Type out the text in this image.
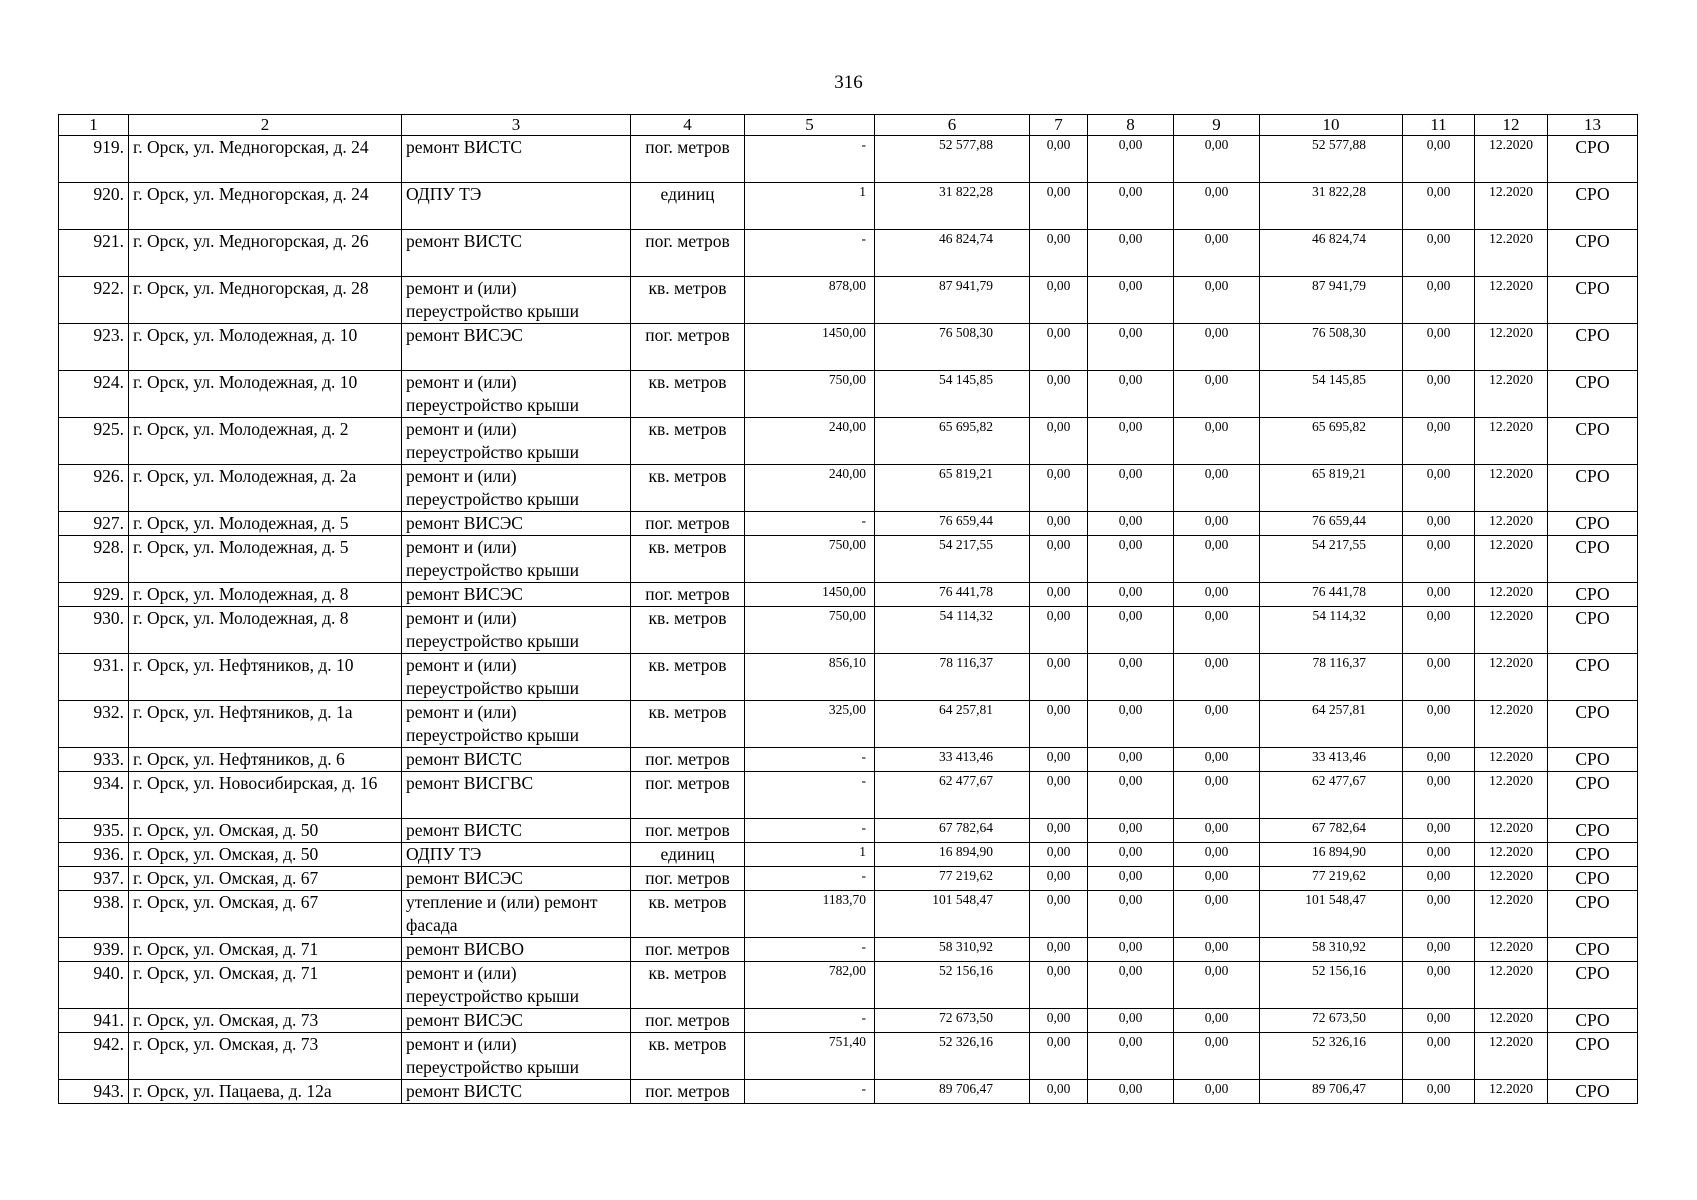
316
1	2	3	4	5	6	7	8	9	10	11	12	13
919.	г. Орск, ул. Медногорская, д. 24	ремонт ВИСТС	пог. метров	-	52 577,88	0,00	0,00	0,00	52 577,88	0,00	12.2020	СРО
920.	г. Орск, ул. Медногорская, д. 24	ОДПУ ТЭ	единиц	1	31 822,28	0,00	0,00	0,00	31 822,28	0,00	12.2020	СРО
921.	г. Орск, ул. Медногорская, д. 26	ремонт ВИСТС	пог. метров	-	46 824,74	0,00	0,00	0,00	46 824,74	0,00	12.2020	СРО
922.	г. Орск, ул. Медногорская, д. 28	ремонт и (или) переустройство крыши	кв. метров	878,00	87 941,79	0,00	0,00	0,00	87 941,79	0,00	12.2020	СРО
923.	г. Орск, ул. Молодежная, д. 10	ремонт ВИСЭС	пог. метров	1450,00	76 508,30	0,00	0,00	0,00	76 508,30	0,00	12.2020	СРО
924.	г. Орск, ул. Молодежная, д. 10	ремонт и (или) переустройство крыши	кв. метров	750,00	54 145,85	0,00	0,00	0,00	54 145,85	0,00	12.2020	СРО
925.	г. Орск, ул. Молодежная, д. 2	ремонт и (или) переустройство крыши	кв. метров	240,00	65 695,82	0,00	0,00	0,00	65 695,82	0,00	12.2020	СРО
926.	г. Орск, ул. Молодежная, д. 2а	ремонт и (или) переустройство крыши	кв. метров	240,00	65 819,21	0,00	0,00	0,00	65 819,21	0,00	12.2020	СРО
927.	г. Орск, ул. Молодежная, д. 5	ремонт ВИСЭС	пог. метров	-	76 659,44	0,00	0,00	0,00	76 659,44	0,00	12.2020	СРО
928.	г. Орск, ул. Молодежная, д. 5	ремонт и (или) переустройство крыши	кв. метров	750,00	54 217,55	0,00	0,00	0,00	54 217,55	0,00	12.2020	СРО
929.	г. Орск, ул. Молодежная, д. 8	ремонт ВИСЭС	пог. метров	1450,00	76 441,78	0,00	0,00	0,00	76 441,78	0,00	12.2020	СРО
930.	г. Орск, ул. Молодежная, д. 8	ремонт и (или) переустройство крыши	кв. метров	750,00	54 114,32	0,00	0,00	0,00	54 114,32	0,00	12.2020	СРО
931.	г. Орск, ул. Нефтяников, д. 10	ремонт и (или) переустройство крыши	кв. метров	856,10	78 116,37	0,00	0,00	0,00	78 116,37	0,00	12.2020	СРО
932.	г. Орск, ул. Нефтяников, д. 1а	ремонт и (или) переустройство крыши	кв. метров	325,00	64 257,81	0,00	0,00	0,00	64 257,81	0,00	12.2020	СРО
933.	г. Орск, ул. Нефтяников, д. 6	ремонт ВИСТС	пог. метров	-	33 413,46	0,00	0,00	0,00	33 413,46	0,00	12.2020	СРО
934.	г. Орск, ул. Новосибирская, д. 16	ремонт ВИСГВС	пог. метров	-	62 477,67	0,00	0,00	0,00	62 477,67	0,00	12.2020	СРО
935.	г. Орск, ул. Омская, д. 50	ремонт ВИСТС	пог. метров	-	67 782,64	0,00	0,00	0,00	67 782,64	0,00	12.2020	СРО
936.	г. Орск, ул. Омская, д. 50	ОДПУ ТЭ	единиц	1	16 894,90	0,00	0,00	0,00	16 894,90	0,00	12.2020	СРО
937.	г. Орск, ул. Омская, д. 67	ремонт ВИСЭС	пог. метров	-	77 219,62	0,00	0,00	0,00	77 219,62	0,00	12.2020	СРО
938.	г. Орск, ул. Омская, д. 67	утепление и (или) ремонт фасада	кв. метров	1183,70	101 548,47	0,00	0,00	0,00	101 548,47	0,00	12.2020	СРО
939.	г. Орск, ул. Омская, д. 71	ремонт ВИСВО	пог. метров	-	58 310,92	0,00	0,00	0,00	58 310,92	0,00	12.2020	СРО
940.	г. Орск, ул. Омская, д. 71	ремонт и (или) переустройство крыши	кв. метров	782,00	52 156,16	0,00	0,00	0,00	52 156,16	0,00	12.2020	СРО
941.	г. Орск, ул. Омская, д. 73	ремонт ВИСЭС	пог. метров	-	72 673,50	0,00	0,00	0,00	72 673,50	0,00	12.2020	СРО
942.	г. Орск, ул. Омская, д. 73	ремонт и (или) переустройство крыши	кв. метров	751,40	52 326,16	0,00	0,00	0,00	52 326,16	0,00	12.2020	СРО
943.	г. Орск, ул. Пацаева, д. 12а	ремонт ВИСТС	пог. метров	-	89 706,47	0,00	0,00	0,00	89 706,47	0,00	12.2020	СРО
